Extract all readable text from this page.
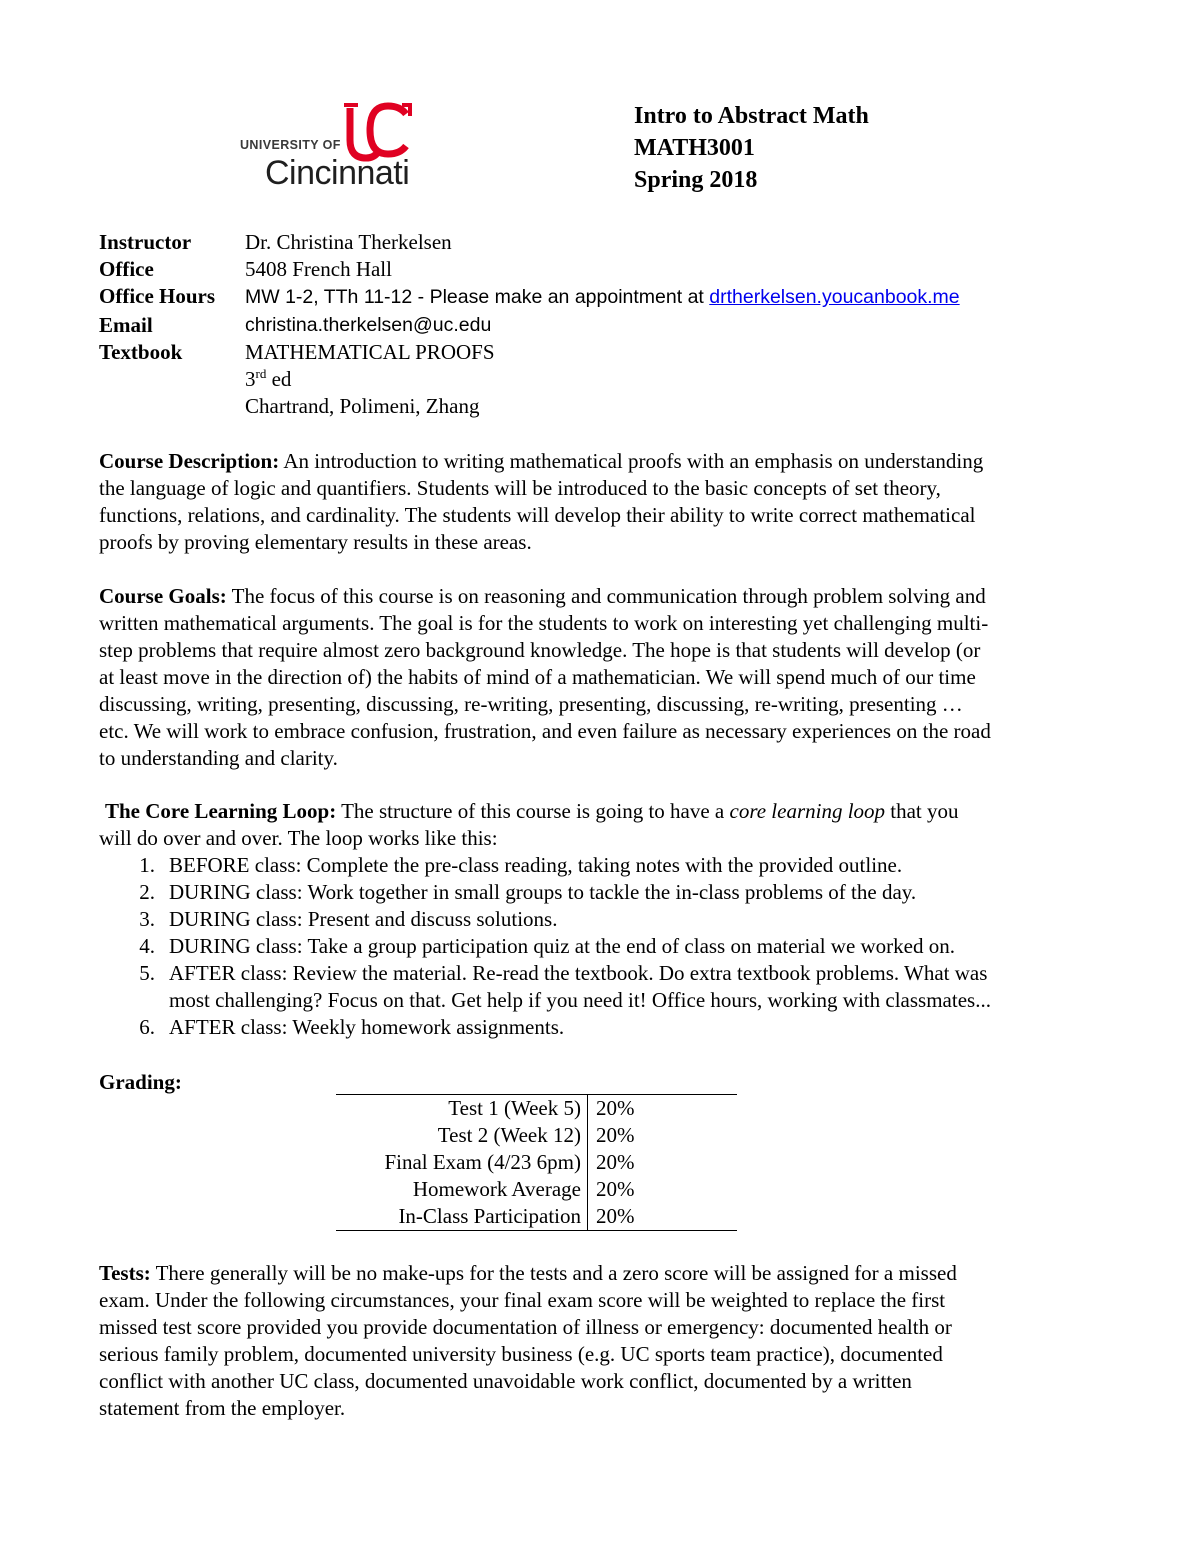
UNIVERSITY OF
Cincinnati
Intro to Abstract Math
MATH3001
Spring 2018
Instructor	Dr. Christina Therkelsen
Office	5408 French Hall
Office Hours	MW 1-2, TTh 11-12 - Please make an appointment at drtherkelsen.youcanbook.me
Email	christina.therkelsen@uc.edu
Textbook	MATHEMATICAL PROOFS
3rd ed
Chartrand, Polimeni, Zhang
Course Description: An introduction to writing mathematical proofs with an emphasis on understanding
the language of logic and quantifiers. Students will be introduced to the basic concepts of set theory,
functions, relations, and cardinality. The students will develop their ability to write correct mathematical
proofs by proving elementary results in these areas.
Course Goals: The focus of this course is on reasoning and communication through problem solving and
written mathematical arguments. The goal is for the students to work on interesting yet challenging multi-
step problems that require almost zero background knowledge. The hope is that students will develop (or
at least move in the direction of) the habits of mind of a mathematician. We will spend much of our time
discussing, writing, presenting, discussing, re-writing, presenting, discussing, re-writing, presenting …
etc. We will work to embrace confusion, frustration, and even failure as necessary experiences on the road
to understanding and clarity.
The Core Learning Loop: The structure of this course is going to have a core learning loop that you
will do over and over. The loop works like this:
1. BEFORE class: Complete the pre-class reading, taking notes with the provided outline.
2. DURING class: Work together in small groups to tackle the in-class problems of the day.
3. DURING class: Present and discuss solutions.
4. DURING class: Take a group participation quiz at the end of class on material we worked on.
5. AFTER class: Review the material. Re-read the textbook. Do extra textbook problems. What was
most challenging? Focus on that. Get help if you need it! Office hours, working with classmates...
6. AFTER class: Weekly homework assignments.
Grading:
Test 1 (Week 5) 20%
Test 2 (Week 12) 20%
Final Exam (4/23 6pm) 20%
Homework Average 20%
In-Class Participation 20%
Tests: There generally will be no make-ups for the tests and a zero score will be assigned for a missed
exam. Under the following circumstances, your final exam score will be weighted to replace the first
missed test score provided you provide documentation of illness or emergency: documented health or
serious family problem, documented university business (e.g. UC sports team practice), documented
conflict with another UC class, documented unavoidable work conflict, documented by a written
statement from the employer.
